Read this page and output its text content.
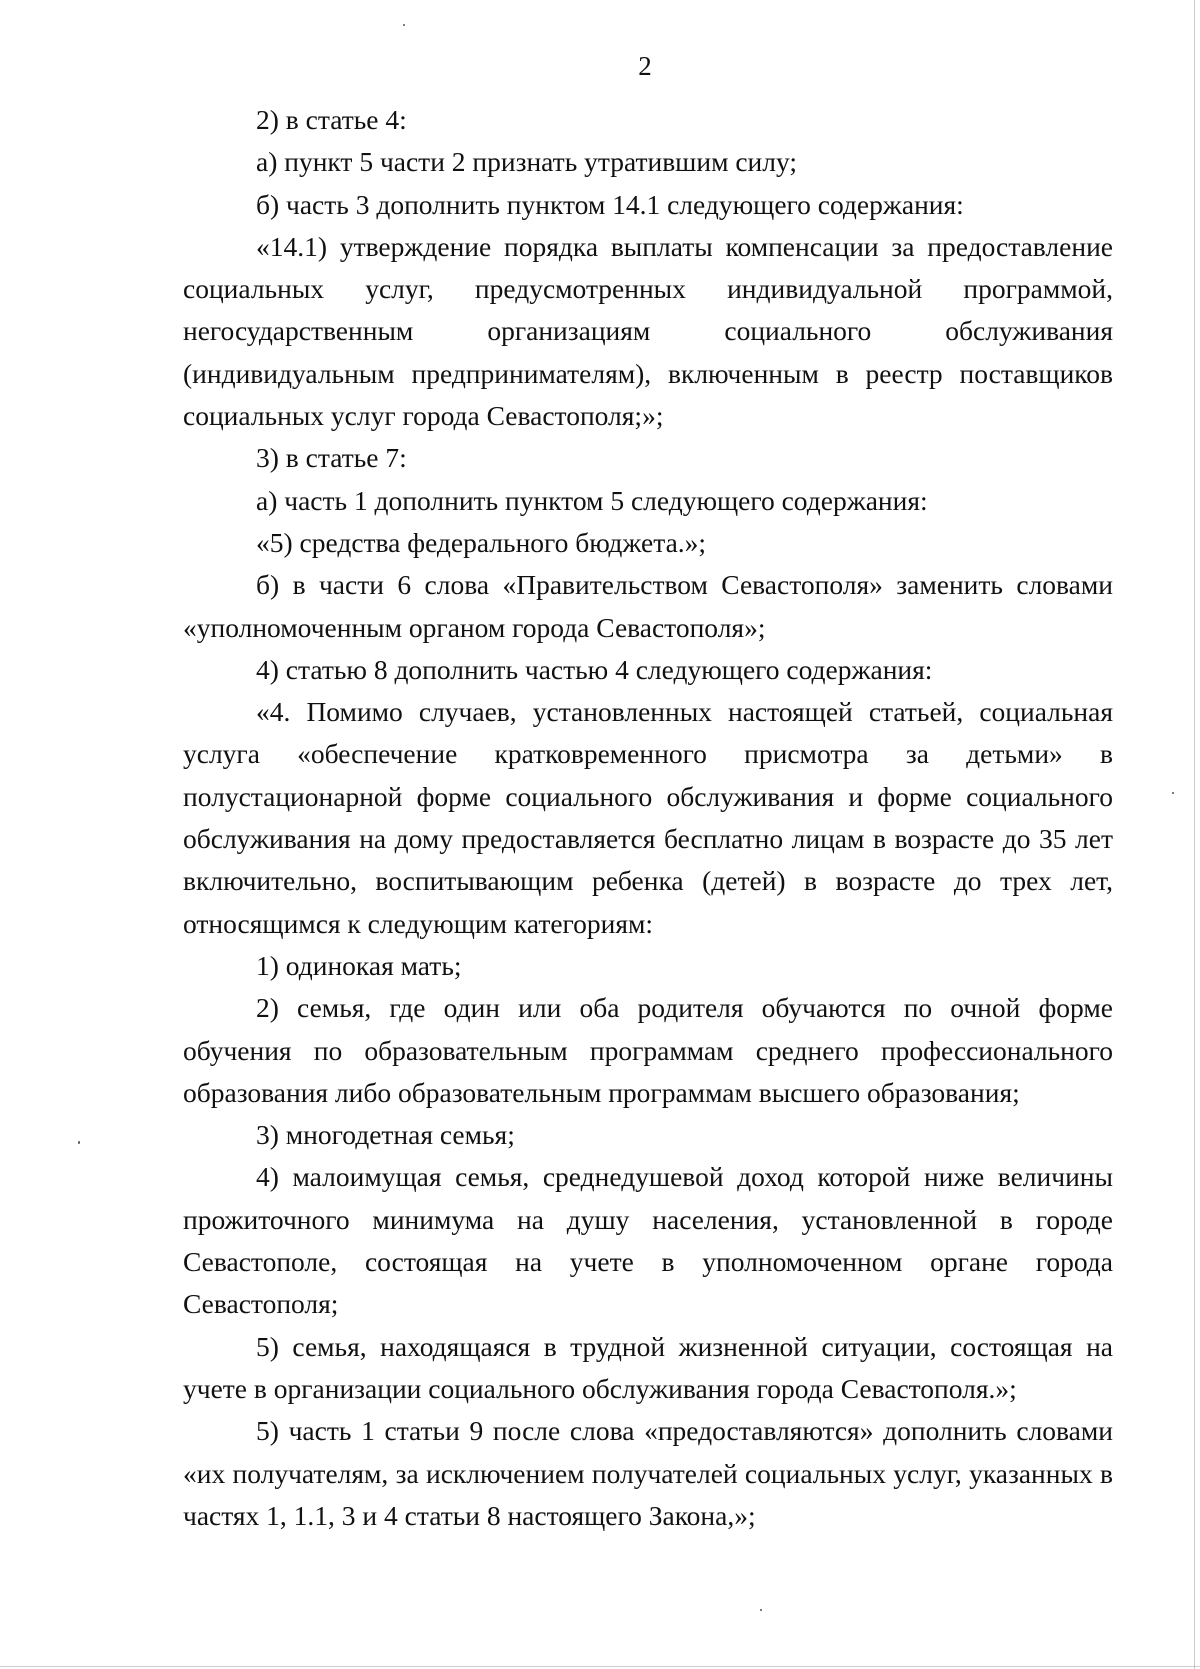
2

2) в статье 4:

а) пункт 5 части 2 признать утратившим силу;

б) часть 3 дополнить пунктом 14.1 следующего содержания:

«14.1) утверждение порядка выплаты компенсации за предоставление социальных услуг, предусмотренных индивидуальной программой, негосударственным организациям социального обслуживания (индивидуальным предпринимателям), включенным в реестр поставщиков социальных услуг города Севастополя;»;

3) в статье 7:

а) часть 1 дополнить пунктом 5 следующего содержания:

«5) средства федерального бюджета.»;

б) в части 6 слова «Правительством Севастополя» заменить словами «уполномоченным органом города Севастополя»;

4) статью 8 дополнить частью 4 следующего содержания:

«4. Помимо случаев, установленных настоящей статьей, социальная услуга «обеспечение кратковременного присмотра за детьми» в полустационарной форме социального обслуживания и форме социального обслуживания на дому предоставляется бесплатно лицам в возрасте до 35 лет включительно, воспитывающим ребенка (детей) в возрасте до трех лет, относящимся к следующим категориям:

1) одинокая мать;

2) семья, где один или оба родителя обучаются по очной форме обучения по образовательным программам среднего профессионального образования либо образовательным программам высшего образования;

3) многодетная семья;

4) малоимущая семья, среднедушевой доход которой ниже величины прожиточного минимума на душу населения, установленной в городе Севастополе, состоящая на учете в уполномоченном органе города Севастополя;

5) семья, находящаяся в трудной жизненной ситуации, состоящая на учете в организации социального обслуживания города Севастополя.»;

5) часть 1 статьи 9 после слова «предоставляются» дополнить словами «их получателям, за исключением получателей социальных услуг, указанных в частях 1, 1.1, 3 и 4 статьи 8 настоящего Закона,»;
